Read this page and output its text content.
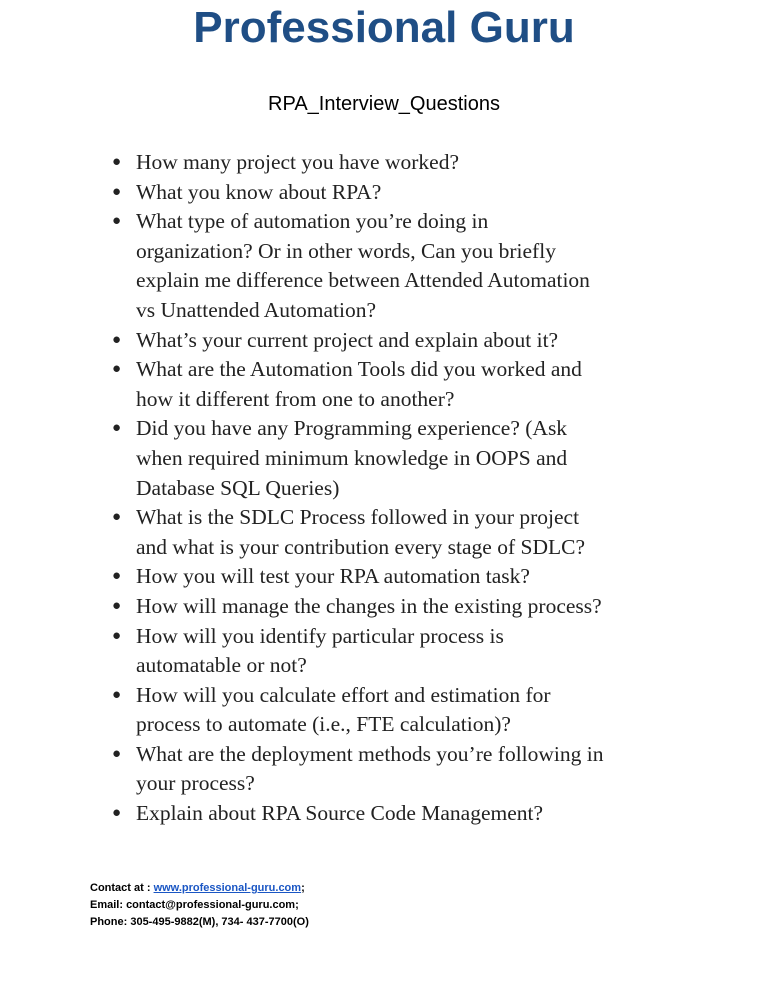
Professional Guru
RPA_Interview_Questions
● How many project you have worked?
● What you know about RPA?
● What type of automation you’re doing in
organization? Or in other words, Can you briefly
explain me difference between Attended Automation
vs Unattended Automation?
● What’s your current project and explain about it?
● What are the Automation Tools did you worked and
how it different from one to another?
● Did you have any Programming experience? (Ask
when required minimum knowledge in OOPS and
Database SQL Queries)
● What is the SDLC Process followed in your project
and what is your contribution every stage of SDLC?
● How you will test your RPA automation task?
● How will manage the changes in the existing process?
● How will you identify particular process is
automatable or not?
● How will you calculate effort and estimation for
process to automate (i.e., FTE calculation)?
● What are the deployment methods you’re following in
your process?
● Explain about RPA Source Code Management?
Contact at : www.professional-guru.com;
Email: contact@professional-guru.com;
Phone: 305-495-9882(M), 734- 437-7700(O)
